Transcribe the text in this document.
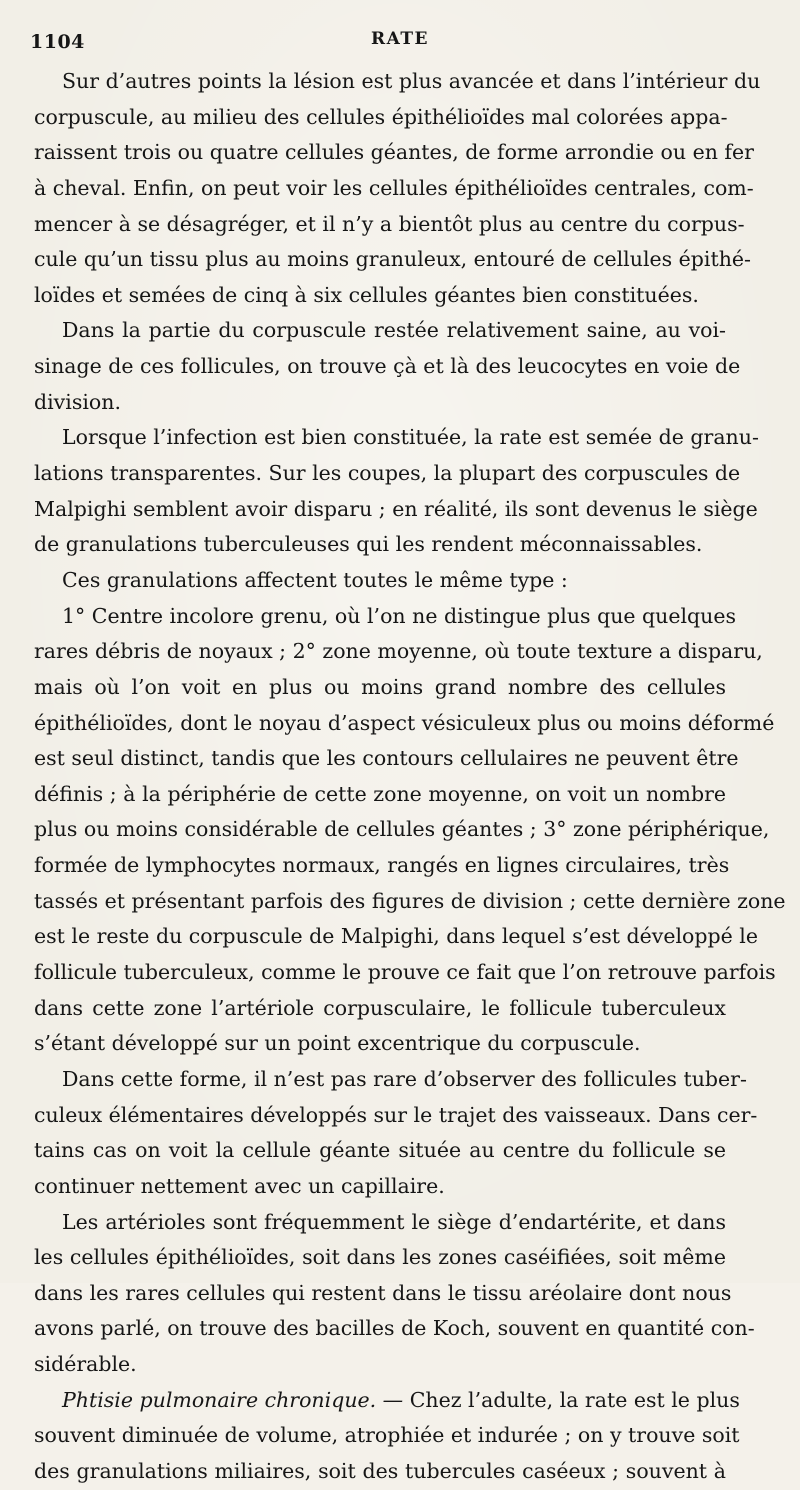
1104	RATE
Sur d’autres points la lésion est plus avancée et dans l’intérieur du
corpuscule, au milieu des cellules épithélioïdes mal colorées appa-
raissent trois ou quatre cellules géantes, de forme arrondie ou en fer
à cheval. Enfin, on peut voir les cellules épithélioïdes centrales, com-
mencer à se désagréger, et il n’y a bientôt plus au centre du corpus-
cule qu’un tissu plus au moins granuleux, entouré de cellules épithé-
loïdes et semées de cinq à six cellules géantes bien constituées.
Dans la partie du corpuscule restée relativement saine, au voi-
sinage de ces follicules, on trouve çà et là des leucocytes en voie de
division.
Lorsque l’infection est bien constituée, la rate est semée de granu-
lations transparentes. Sur les coupes, la plupart des corpuscules de
Malpighi semblent avoir disparu ; en réalité, ils sont devenus le siège
de granulations tuberculeuses qui les rendent méconnaissables.
Ces granulations affectent toutes le même type :
1° Centre incolore grenu, où l’on ne distingue plus que quelques
rares débris de noyaux ; 2° zone moyenne, où toute texture a disparu,
mais où l’on voit en plus ou moins grand nombre des cellules
épithélioïdes, dont le noyau d’aspect vésiculeux plus ou moins déformé
est seul distinct, tandis que les contours cellulaires ne peuvent être
définis ; à la périphérie de cette zone moyenne, on voit un nombre
plus ou moins considérable de cellules géantes ; 3° zone périphérique,
formée de lymphocytes normaux, rangés en lignes circulaires, très
tassés et présentant parfois des figures de division ; cette dernière zone
est le reste du corpuscule de Malpighi, dans lequel s’est développé le
follicule tuberculeux, comme le prouve ce fait que l’on retrouve parfois
dans cette zone l’artériole corpusculaire, le follicule tuberculeux
s’étant développé sur un point excentrique du corpuscule.
Dans cette forme, il n’est pas rare d’observer des follicules tuber-
culeux élémentaires développés sur le trajet des vaisseaux. Dans cer-
tains cas on voit la cellule géante située au centre du follicule se
continuer nettement avec un capillaire.
Les artérioles sont fréquemment le siège d’endartérite, et dans
les cellules épithélioïdes, soit dans les zones caséifiées, soit même
dans les rares cellules qui restent dans le tissu aréolaire dont nous
avons parlé, on trouve des bacilles de Koch, souvent en quantité con-
sidérable.
Phtisie pulmonaire chronique. — Chez l’adulte, la rate est le plus
souvent diminuée de volume, atrophiée et indurée ; on y trouve soit
des granulations miliaires, soit des tubercules caséeux ; souvent à
